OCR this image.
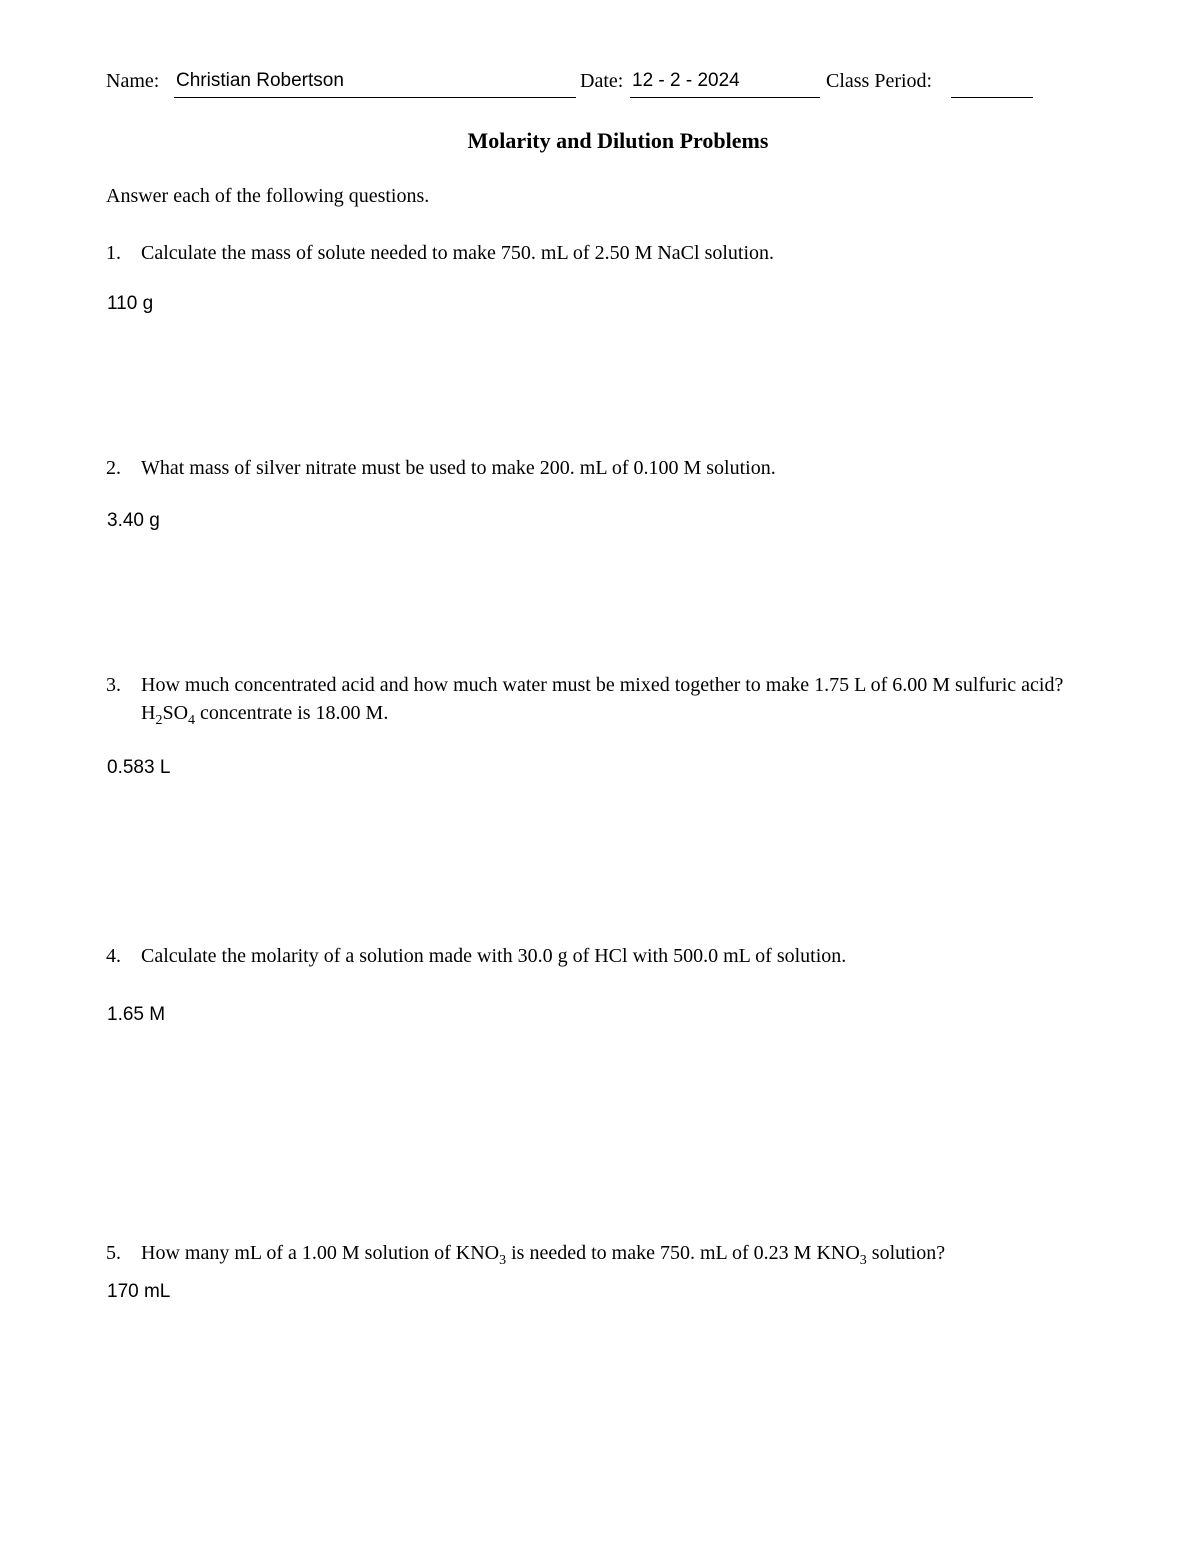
Name: Christian Robertson	Date: 12 - 2 - 2024	Class Period:
Molarity and Dilution Problems
Answer each of the following questions.
1. Calculate the mass of solute needed to make 750. mL of 2.50 M NaCl solution.
110 g
2. What mass of silver nitrate must be used to make 200. mL of 0.100 M solution.
3.40 g
3. How much concentrated acid and how much water must be mixed together to make 1.75 L of 6.00 M sulfuric acid?  $H_2SO_4$ concentrate is 18.00 M.
0.583 L
4. Calculate the molarity of a solution made with 30.0 g of HCl with 500.0 mL of solution.
1.65 M
5. How many mL of a 1.00 M solution of $KNO_3$ is needed to make 750. mL of 0.23 M $KNO_3$ solution?
170 mL
